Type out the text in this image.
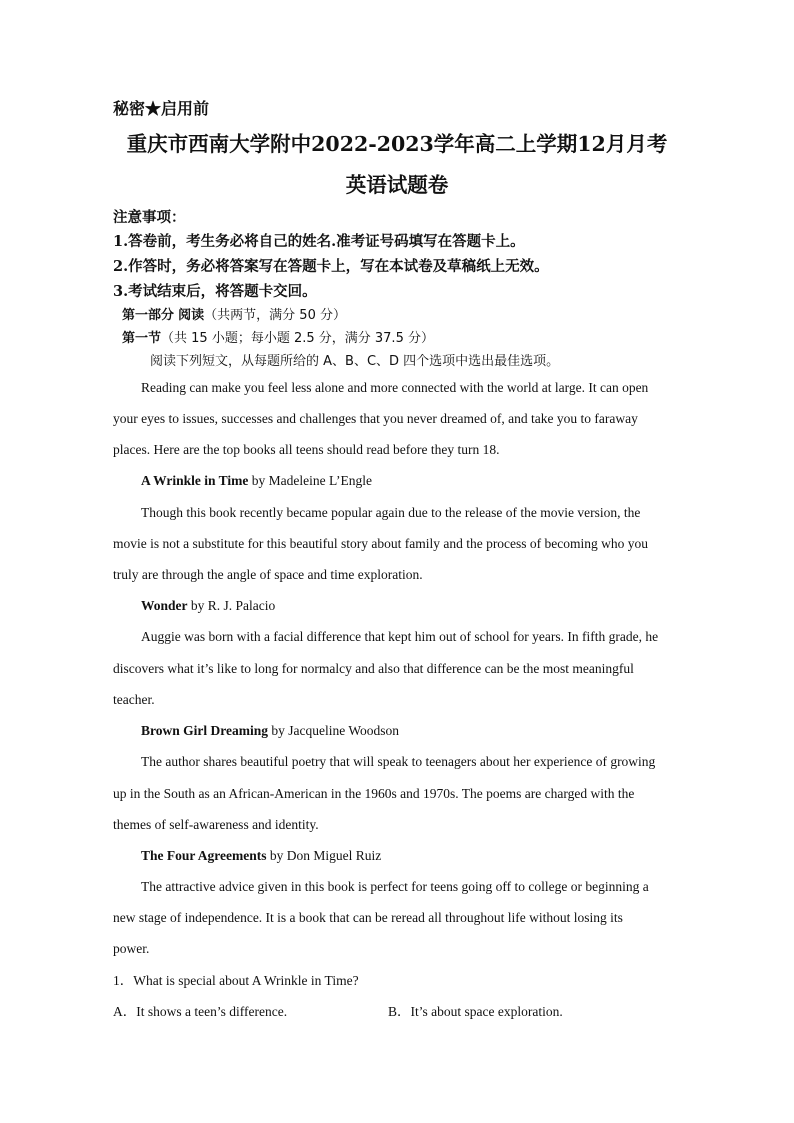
秘密★启用前
重庆市西南大学附中2022-2023学年高二上学期12月月考
英语试题卷
注意事项：
1.答卷前，考生务必将自己的姓名.准考证号码填写在答题卡上。
2.作答时，务必将答案写在答题卡上，写在本试卷及草稿纸上无效。
3.考试结束后，将答题卡交回。
第一部分 阅读（共两节，满分 50 分）
第一节（共 15 小题；每小题 2.5 分，满分 37.5 分）
阅读下列短文，从每题所给的 A、B、C、D 四个选项中选出最佳选项。
Reading can make you feel less alone and more connected with the world at large. It can open
your eyes to issues, successes and challenges that you never dreamed of, and take you to faraway
places. Here are the top books all teens should read before they turn 18.
A Wrinkle in Time by Madeleine L’Engle
Though this book recently became popular again due to the release of the movie version, the
movie is not a substitute for this beautiful story about family and the process of becoming who you
truly are through the angle of space and time exploration.
Wonder by R. J. Palacio
Auggie was born with a facial difference that kept him out of school for years. In fifth grade, he
discovers what it’s like to long for normalcy and also that difference can be the most meaningful
teacher.
Brown Girl Dreaming by Jacqueline Woodson
The author shares beautiful poetry that will speak to teenagers about her experience of growing
up in the South as an African-American in the 1960s and 1970s. The poems are charged with the
themes of self-awareness and identity.
The Four Agreements by Don Miguel Ruiz
The attractive advice given in this book is perfect for teens going off to college or beginning a
new stage of independence. It is a book that can be reread all throughout life without losing its
power.
1．What is special about A Wrinkle in Time?
A．It shows a teen’s difference.	B．It’s about space exploration.
